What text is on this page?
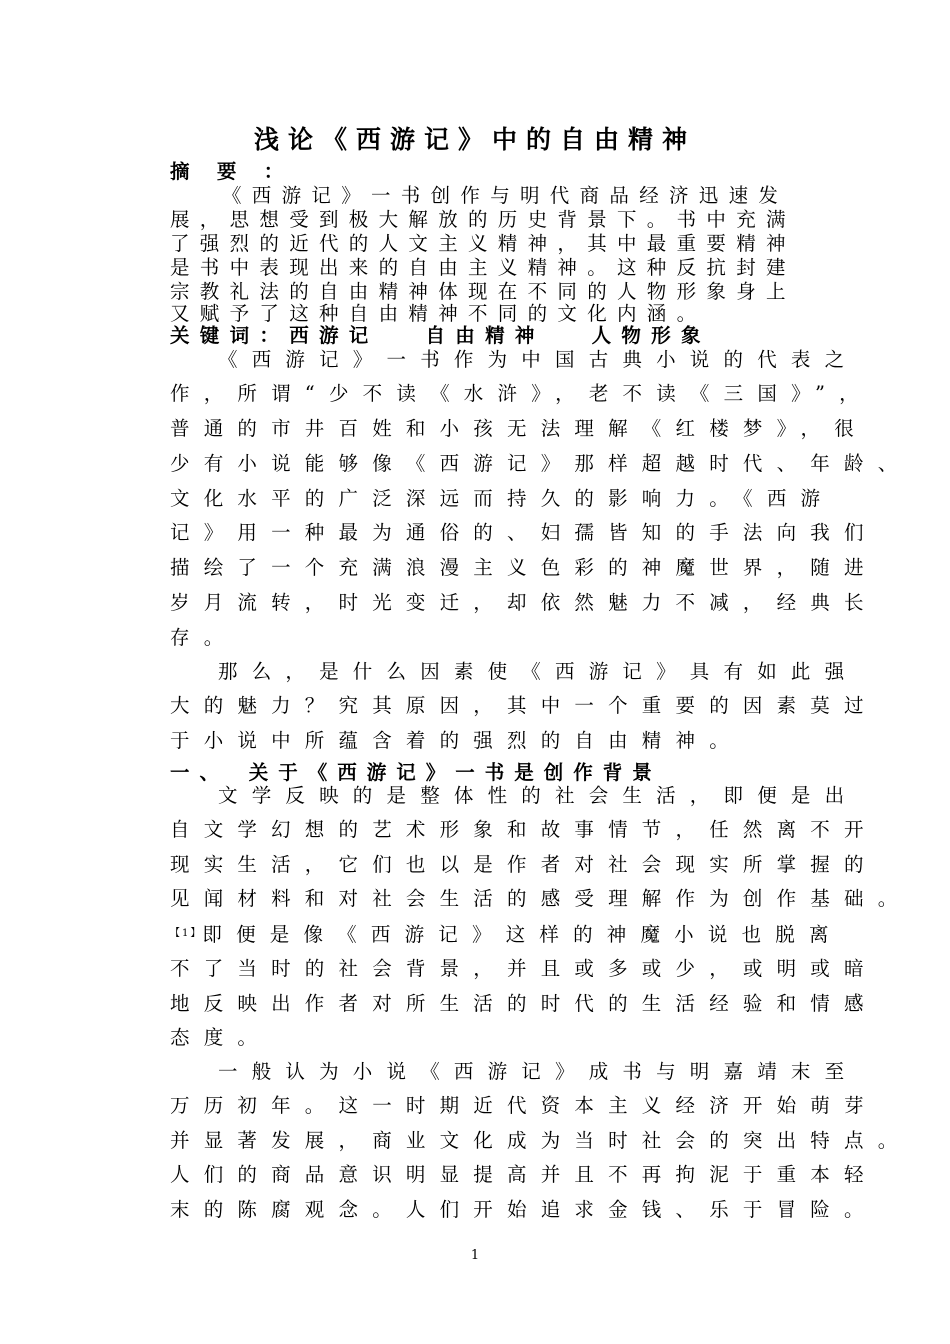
浅论《西游记》中的自由精神
摘 要 ：
《西游记》一书创作与明代商品经济迅速发
展，思想受到极大解放的历史背景下。书中充满
了强烈的近代的人文主义精神，其中最重要精神
是书中表现出来的自由主义精神。这种反抗封建
宗教礼法的自由精神体现在不同的人物形象身上
又赋予了这种自由精神不同的文化内涵。
关键词：西游记　 自由精神　 人物形象
《西游记》一书作为中国古典小说的代表之
作，所谓“少不读《水浒》，老不读《三国》”，
普通的市井百姓和小孩无法理解《红楼梦》，很
少有小说能够像《西游记》那样超越时代、年龄、
文化水平的广泛深远而持久的影响力。《西游
记》用一种最为通俗的、妇孺皆知的手法向我们
描绘了一个充满浪漫主义色彩的神魔世界，随进
岁月流转，时光变迁，却依然魅力不减，经典长
存。
那么，是什么因素使《西游记》具有如此强
大的魅力？究其原因，其中一个重要的因素莫过
于小说中所蕴含着的强烈的自由精神。
一、　关于《西游记》一书是创作背景
文学反映的是整体性的社会生活，即便是出
自文学幻想的艺术形象和故事情节，任然离不开
现实生活，它们也以是作者对社会现实所掌握的
见闻材料和对社会生活的感受理解作为创作基础。
$^{【1】}$即便是像《西游记》这样的神魔小说也脱离
不了当时的社会背景，并且或多或少，或明或暗
地反映出作者对所生活的时代的生活经验和情感
态度。
一般认为小说《西游记》成书与明嘉靖末至
万历初年。这一时期近代资本主义经济开始萌芽
并显著发展，商业文化成为当时社会的突出特点。
人们的商品意识明显提高并且不再拘泥于重本轻
末的陈腐观念。人们开始追求金钱、乐于冒险。
1
